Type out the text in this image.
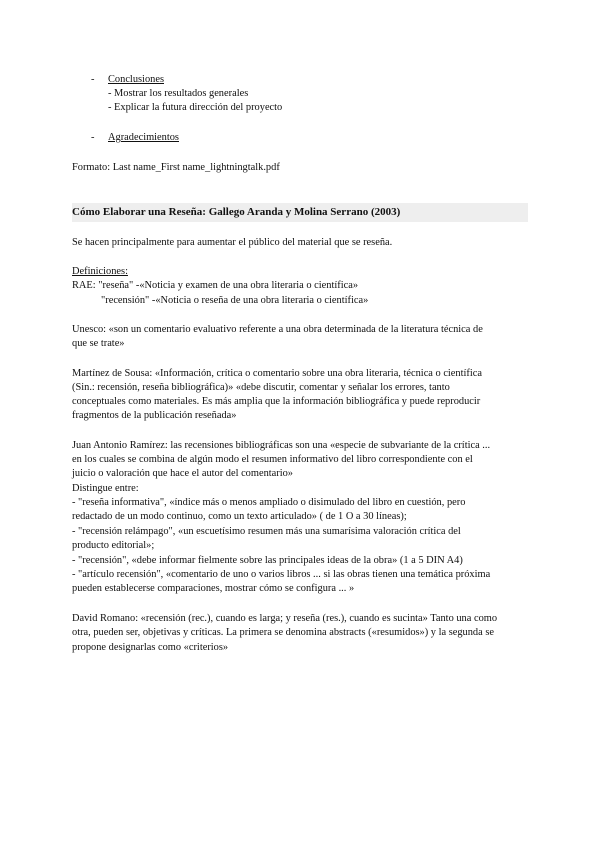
- Conclusiones
- Mostrar los resultados generales
- Explicar la futura dirección del proyecto
- Agradecimientos
Formato: Last name_First name_lightningtalk.pdf
Cómo Elaborar una Reseña: Gallego Aranda y Molina Serrano (2003)
Se hacen principalmente para aumentar el público del material que se reseña.
Definiciones:
RAE: "reseña" -«Noticia y examen de una obra literaria o científica»
"recensión" -«Noticia o reseña de una obra literaria o científica»
Unesco: «son un comentario evaluativo referente a una obra determinada de la literatura técnica de
que se trate»
Martínez de Sousa: «Información, crítica o comentario sobre una obra literaria, técnica o científica
(Sin.: recensión, reseña bibliográfica)» «debe discutir, comentar y señalar los errores, tanto
conceptuales como materiales. Es más amplia que la información bibliográfica y puede reproducir
fragmentos de la publicación reseñada»
Juan Antonio Ramírez: las recensiones bibliográficas son una «especie de subvariante de la crítica ...
en los cuales se combina de algún modo el resumen informativo del libro correspondiente con el
juicio o valoración que hace el autor del comentario»
Distingue entre:
- "reseña informativa", «índice más o menos ampliado o disimulado del libro en cuestión, pero
redactado de un modo continuo, como un texto articulado» ( de 1 O a 30 líneas);
- "recensión relámpago", «un escuetísimo resumen más una sumarísima valoración crítica del
producto editorial»;
- "recensión", «debe informar fielmente sobre las principales ideas de la obra» (1 a 5 DIN A4)
- "artículo recensión", «comentario de uno o varios libros ... si las obras tienen una temática próxima
pueden establecerse comparaciones, mostrar cómo se configura ... »
David Romano: «recensión (rec.), cuando es larga; y reseña (res.), cuando es sucinta» Tanto una como
otra, pueden ser, objetivas y críticas. La primera se denomina abstracts («resumidos») y la segunda se
propone designarlas como «criterios»
